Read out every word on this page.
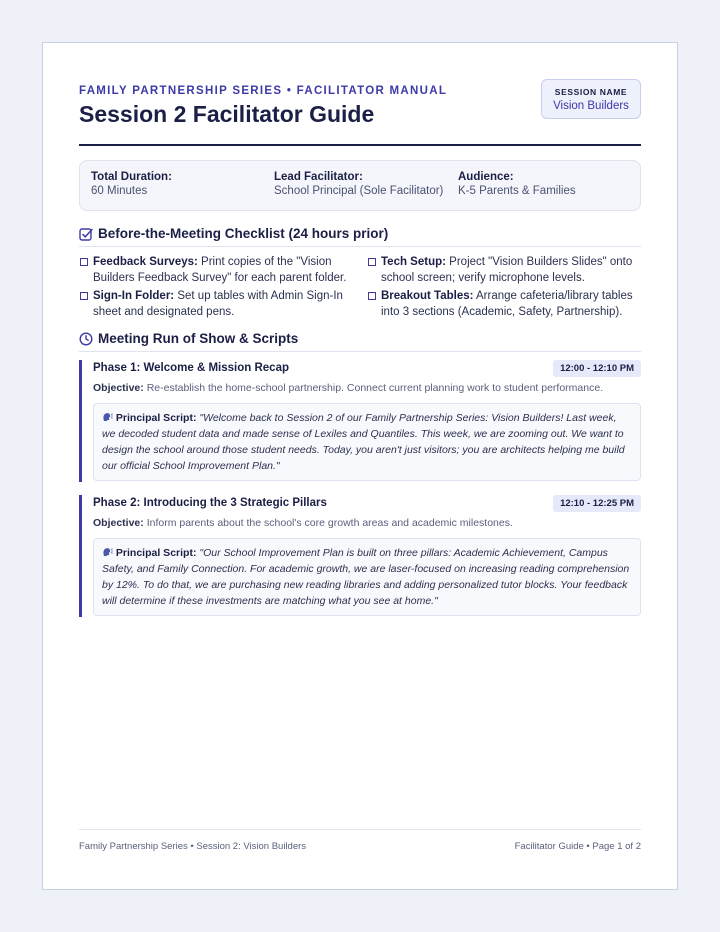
FAMILY PARTNERSHIP SERIES • FACILITATOR MANUAL
Session 2 Facilitator Guide
SESSION NAME
Vision Builders
Total Duration:
60 Minutes
Lead Facilitator:
School Principal (Sole Facilitator)
Audience:
K-5 Parents & Families
Before-the-Meeting Checklist (24 hours prior)
Feedback Surveys: Print copies of the "Vision Builders Feedback Survey" for each parent folder.
Tech Setup: Project "Vision Builders Slides" onto school screen; verify microphone levels.
Sign-In Folder: Set up tables with Admin Sign-In sheet and designated pens.
Breakout Tables: Arrange cafeteria/library tables into 3 sections (Academic, Safety, Partnership).
Meeting Run of Show & Scripts
Phase 1: Welcome & Mission Recap	12:00 - 12:10 PM
Objective: Re-establish the home-school partnership. Connect current planning work to student performance.
Principal Script: "Welcome back to Session 2 of our Family Partnership Series: Vision Builders! Last week, we decoded student data and made sense of Lexiles and Quantiles. This week, we are zooming out. We want to design the school around those student needs. Today, you aren't just visitors; you are architects helping me build our official School Improvement Plan."
Phase 2: Introducing the 3 Strategic Pillars	12:10 - 12:25 PM
Objective: Inform parents about the school's core growth areas and academic milestones.
Principal Script: "Our School Improvement Plan is built on three pillars: Academic Achievement, Campus Safety, and Family Connection. For academic growth, we are laser-focused on increasing reading comprehension by 12%. To do that, we are purchasing new reading libraries and adding personalized tutor blocks. Your feedback will determine if these investments are matching what you see at home."
Family Partnership Series • Session 2: Vision Builders	Facilitator Guide • Page 1 of 2
